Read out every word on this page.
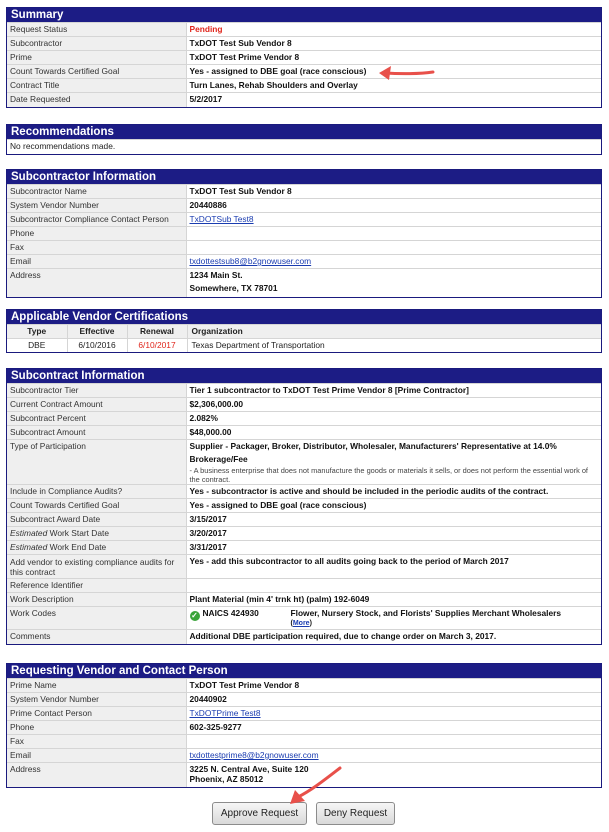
Summary
Request Status	Pending
Subcontractor	TxDOT Test Sub Vendor 8
Prime	TxDOT Test Prime Vendor 8
Count Towards Certified Goal	Yes - assigned to DBE goal (race conscious)
Contract Title	Turn Lanes, Rehab Shoulders and Overlay
Date Requested	5/2/2017
Recommendations
No recommendations made.
Subcontractor Information
Subcontractor Name	TxDOT Test Sub Vendor 8
System Vendor Number	20440886
Subcontractor Compliance Contact Person	TxDOTSub Test8
Phone	
Fax	
Email	txdottestsub8@b2gnowuser.com
Address	1234 Main St.
Somewhere, TX 78701
Applicable Vendor Certifications
Type	Effective	Renewal	Organization
DBE	6/10/2016	6/10/2017	Texas Department of Transportation
Subcontract Information
Subcontractor Tier	Tier 1 subcontractor to TxDOT Test Prime Vendor 8 [Prime Contractor]
Current Contract Amount	$2,306,000.00
Subcontract Percent	2.082%
Subcontract Amount	$48,000.00
Type of Participation	Supplier - Packager, Broker, Distributor, Wholesaler, Manufacturers' Representative at 14.0% Brokerage/Fee
- A business enterprise that does not manufacture the goods or materials it sells, or does not perform the essential work of the contract.

Include in Compliance Audits?	Yes - subcontractor is active and should be included in the periodic audits of the contract.
Count Towards Certified Goal	Yes - assigned to DBE goal (race conscious)
Subcontract Award Date	3/15/2017
Estimated Work Start Date	3/20/2017
Estimated Work End Date	3/31/2017
Add vendor to existing compliance audits for this contract	Yes - add this subcontractor to all audits going back to the period of March 2017
Reference Identifier	
Work Description	Plant Material (min 4' trnk ht) (palm) 192-6049
Work Codes	✓ NAICS 424930 Flower, Nursery Stock, and Florists' Supplies Merchant Wholesalers
(More)

Comments	Additional DBE participation required, due to change order on March 3, 2017.
Requesting Vendor and Contact Person
Prime Name	TxDOT Test Prime Vendor 8
System Vendor Number	20440902
Prime Contact Person	TxDOTPrime Test8
Phone	602-325-9277
Fax	
Email	txdottestprime8@b2gnowuser.com
Address	3225 N. Central Ave, Suite 120
Phoenix, AZ 85012
Approve Request	Deny Request
